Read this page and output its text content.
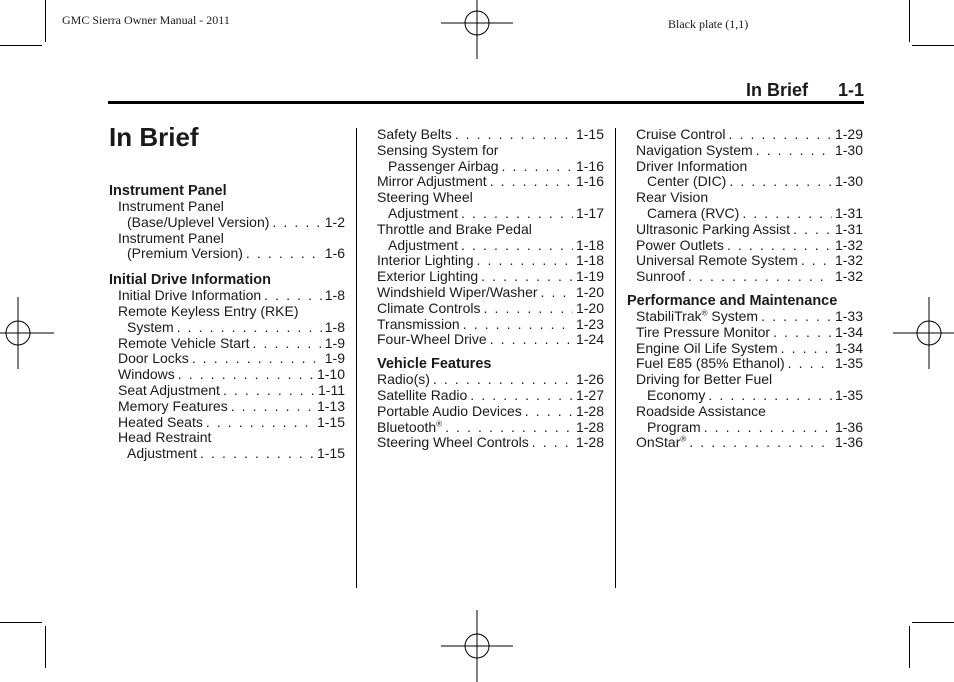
GMC Sierra Owner Manual - 2011	Black plate (1,1)
In Brief 1-1
In Brief
Instrument Panel
Instrument Panel
(Base/Uplevel Version) . . .	1-2
Instrument Panel
(Premium Version) . . .	1-6
Initial Drive Information
Initial Drive Information . . .	1-8
Remote Keyless Entry (RKE)
System . . .	1-8
Remote Vehicle Start . . .	1-9
Door Locks . . .	1-9
Windows . . .	1-10
Seat Adjustment . . .	1-11
Memory Features . . .	1-13
Heated Seats . . .	1-15
Head Restraint
Adjustment . . .	1-15
Safety Belts . . .	1-15
Sensing System for
Passenger Airbag . . .	1-16
Mirror Adjustment . . .	1-16
Steering Wheel
Adjustment . . .	1-17
Throttle and Brake Pedal
Adjustment . . .	1-18
Interior Lighting . . .	1-18
Exterior Lighting . . .	1-19
Windshield Wiper/Washer . . .	1-20
Climate Controls . . .	1-20
Transmission . . .	1-23
Four-Wheel Drive . . .	1-24
Vehicle Features
Radio(s) . . .	1-26
Satellite Radio . . .	1-27
Portable Audio Devices . . .	1-28
Bluetooth® . . .	1-28
Steering Wheel Controls . . .	1-28
Cruise Control . . .	1-29
Navigation System . . .	1-30
Driver Information
Center (DIC) . . .	1-30
Rear Vision
Camera (RVC) . . .	1-31
Ultrasonic Parking Assist . . .	1-31
Power Outlets . . .	1-32
Universal Remote System . . .	1-32
Sunroof . . .	1-32
Performance and Maintenance
StabiliTrak® System . . .	1-33
Tire Pressure Monitor . . .	1-34
Engine Oil Life System . . .	1-34
Fuel E85 (85% Ethanol) . . .	1-35
Driving for Better Fuel
Economy . . .	1-35
Roadside Assistance
Program . . .	1-36
OnStar® . . .	1-36
